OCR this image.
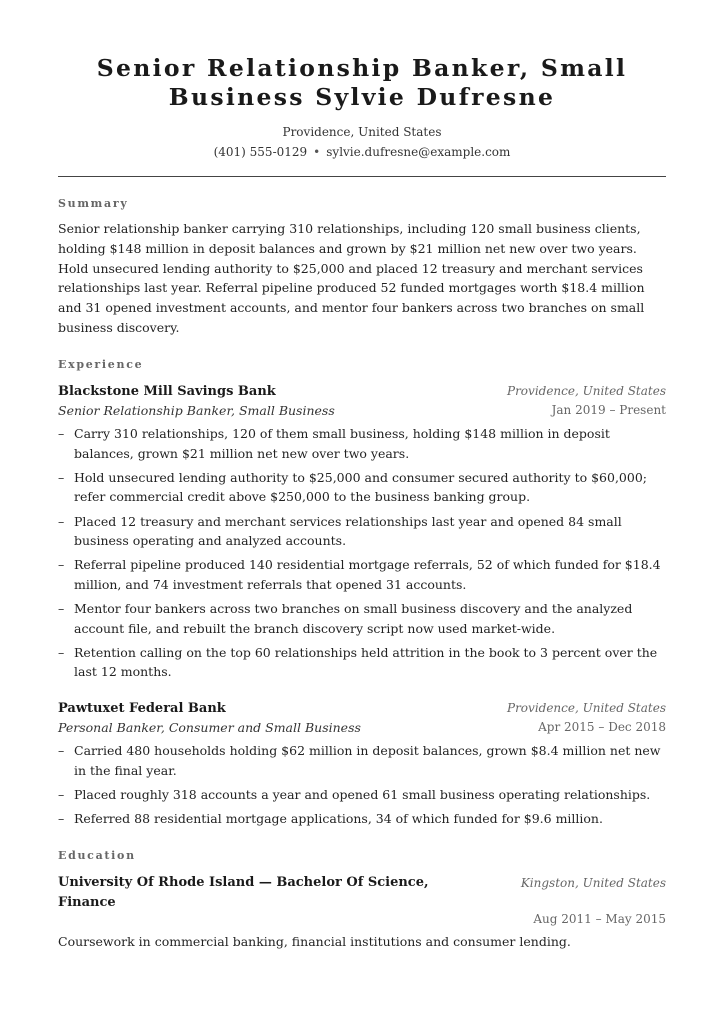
Senior Relationship Banker, Small Business Sylvie Dufresne
Providence, United States
(401) 555-0129 • sylvie.dufresne@example.com
Summary

Senior relationship banker carrying 310 relationships, including 120 small business clients, holding $148 million in deposit balances and grown by $21 million net new over two years. Hold unsecured lending authority to $25,000 and placed 12 treasury and merchant services relationships last year. Referral pipeline produced 52 funded mortgages worth $18.4 million and 31 opened investment accounts, and mentor four bankers across two branches on small business discovery.

Experience
Blackstone Mill Savings Bank	Providence, United States
Senior Relationship Banker, Small Business	Jan 2019 – Present
– Carry 310 relationships, 120 of them small business, holding $148 million in deposit balances, grown $21 million net new over two years.
– Hold unsecured lending authority to $25,000 and consumer secured authority to $60,000; refer commercial credit above $250,000 to the business banking group.
– Placed 12 treasury and merchant services relationships last year and opened 84 small business operating and analyzed accounts.
– Referral pipeline produced 140 residential mortgage referrals, 52 of which funded for $18.4 million, and 74 investment referrals that opened 31 accounts.
– Mentor four bankers across two branches on small business discovery and the analyzed account file, and rebuilt the branch discovery script now used market-wide.
– Retention calling on the top 60 relationships held attrition in the book to 3 percent over the last 12 months.
Pawtuxet Federal Bank	Providence, United States
Personal Banker, Consumer and Small Business	Apr 2015 – Dec 2018
– Carried 480 households holding $62 million in deposit balances, grown $8.4 million net new in the final year.
– Placed roughly 318 accounts a year and opened 61 small business operating relationships.
– Referred 88 residential mortgage applications, 34 of which funded for $9.6 million.
Education
University Of Rhode Island — Bachelor Of Science, Finance
Kingston, United States
Aug 2011 – May 2015

Coursework in commercial banking, financial institutions and consumer lending.
